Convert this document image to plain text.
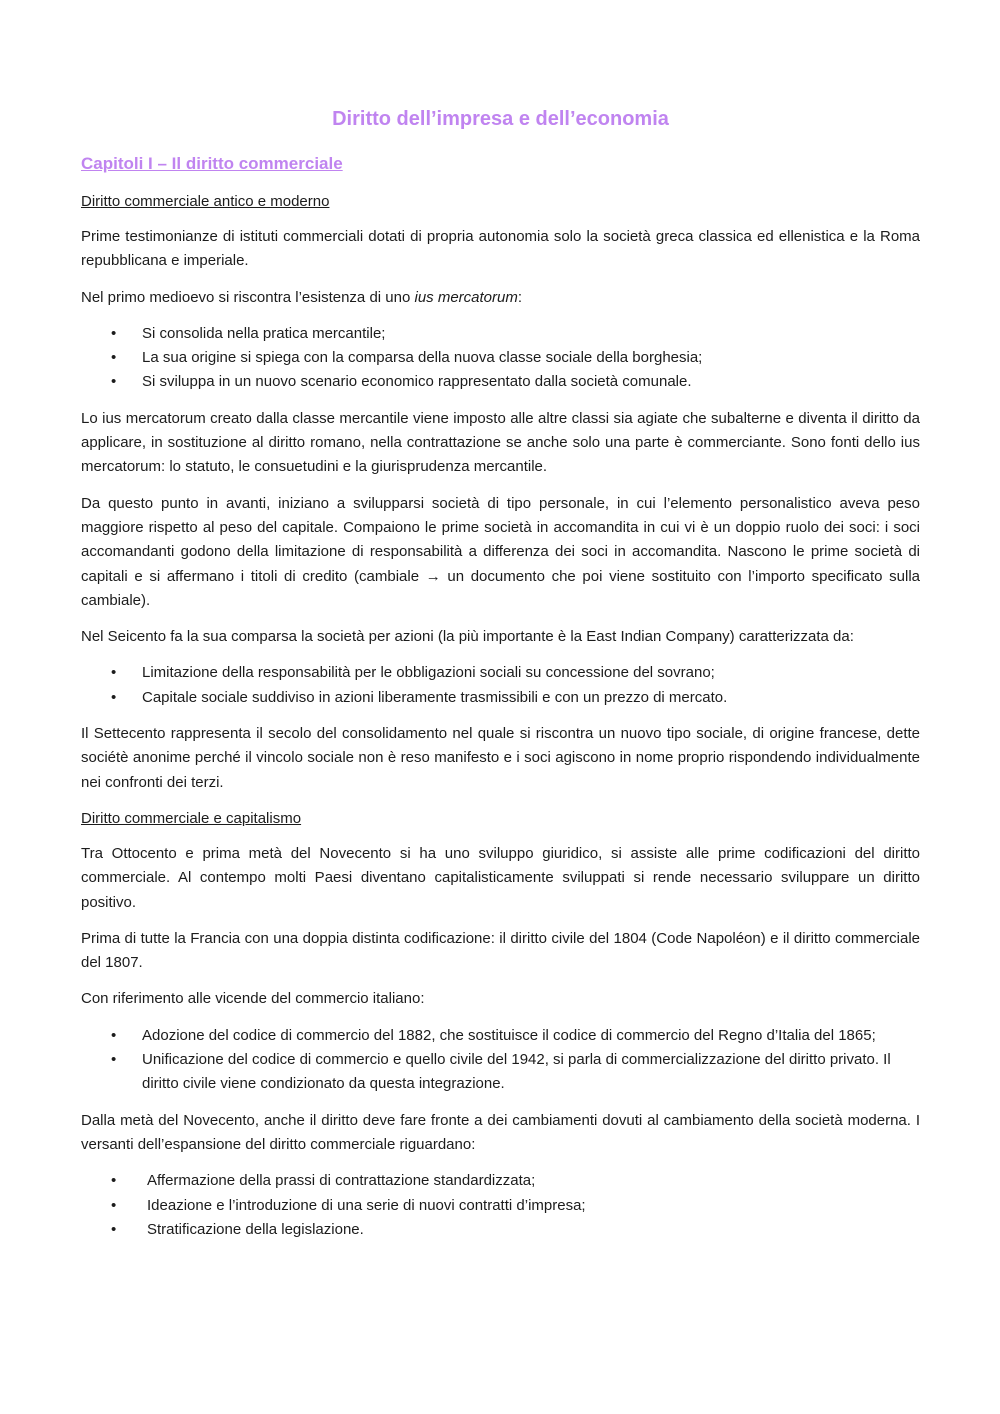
Diritto dell’impresa e dell’economia
Capitoli I – Il diritto commerciale
Diritto commerciale antico e moderno

Prime testimonianze di istituti commerciali dotati di propria autonomia solo la società greca classica ed ellenistica e la Roma repubblicana e imperiale.

Nel primo medioevo si riscontra l’esistenza di uno ius mercatorum:

• Si consolida nella pratica mercantile;
• La sua origine si spiega con la comparsa della nuova classe sociale della borghesia;
• Si sviluppa in un nuovo scenario economico rappresentato dalla società comunale.

Lo ius mercatorum creato dalla classe mercantile viene imposto alle altre classi sia agiate che subalterne e diventa il diritto da applicare, in sostituzione al diritto romano, nella contrattazione se anche solo una parte è commerciante. Sono fonti dello ius mercatorum: lo statuto, le consuetudini e la giurisprudenza mercantile.

Da questo punto in avanti, iniziano a svilupparsi società di tipo personale, in cui l’elemento personalistico aveva peso maggiore rispetto al peso del capitale. Compaiono le prime società in accomandita in cui vi è un doppio ruolo dei soci: i soci accomandanti godono della limitazione di responsabilità a differenza dei soci in accomandita. Nascono le prime società di capitali e si affermano i titoli di credito (cambiale → un documento che poi viene sostituito con l’importo specificato sulla cambiale).

Nel Seicento fa la sua comparsa la società per azioni (la più importante è la East Indian Company) caratterizzata da:

• Limitazione della responsabilità per le obbligazioni sociali su concessione del sovrano;
• Capitale sociale suddiviso in azioni liberamente trasmissibili e con un prezzo di mercato.

Il Settecento rappresenta il secolo del consolidamento nel quale si riscontra un nuovo tipo sociale, di origine francese, dette sociétè anonime perché il vincolo sociale non è reso manifesto e i soci agiscono in nome proprio rispondendo individualmente nei confronti dei terzi.

Diritto commerciale e capitalismo

Tra Ottocento e prima metà del Novecento si ha uno sviluppo giuridico, si assiste alle prime codificazioni del diritto commerciale. Al contempo molti Paesi diventano capitalisticamente sviluppati si rende necessario sviluppare un diritto positivo.

Prima di tutte la Francia con una doppia distinta codificazione: il diritto civile del 1804 (Code Napoléon) e il diritto commerciale del 1807.

Con riferimento alle vicende del commercio italiano:

• Adozione del codice di commercio del 1882, che sostituisce il codice di commercio del Regno d’Italia del 1865;
• Unificazione del codice di commercio e quello civile del 1942, si parla di commercializzazione del diritto privato. Il diritto civile viene condizionato da questa integrazione.

Dalla metà del Novecento, anche il diritto deve fare fronte a dei cambiamenti dovuti al cambiamento della società moderna. I versanti dell’espansione del diritto commerciale riguardano:

• Affermazione della prassi di contrattazione standardizzata;
• Ideazione e l’introduzione di una serie di nuovi contratti d’impresa;
• Stratificazione della legislazione.
